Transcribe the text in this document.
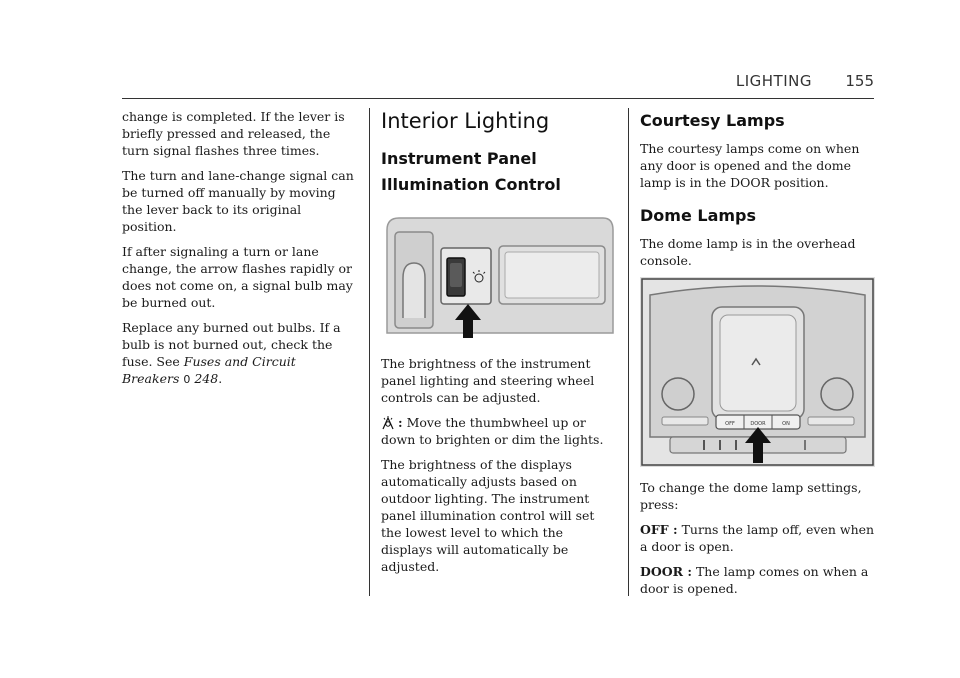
LIGHTING 155

change is completed. If the lever is briefly pressed and released, the turn signal flashes three times.

The turn and lane-change signal can be turned off manually by moving the lever back to its original position.

If after signaling a turn or lane change, the arrow flashes rapidly or does not come on, a signal bulb may be burned out.

Replace any burned out bulbs. If a bulb is not burned out, check the fuse. See Fuses and Circuit Breakers 0 248.

Interior Lighting
Instrument Panel
Illumination Control

The brightness of the instrument panel lighting and steering wheel controls can be adjusted.

: Move the thumbwheel up or down to brighten or dim the lights.

The brightness of the displays automatically adjusts based on outdoor lighting. The instrument panel illumination control will set the lowest level to which the displays will automatically be adjusted.

Courtesy Lamps

The courtesy lamps come on when any door is opened and the dome lamp is in the DOOR position.

Dome Lamps

The dome lamp is in the overhead console.

OFF	DOOR	ON

To change the dome lamp settings, press:

OFF : Turns the lamp off, even when a door is open.

DOOR : The lamp comes on when a door is opened.
